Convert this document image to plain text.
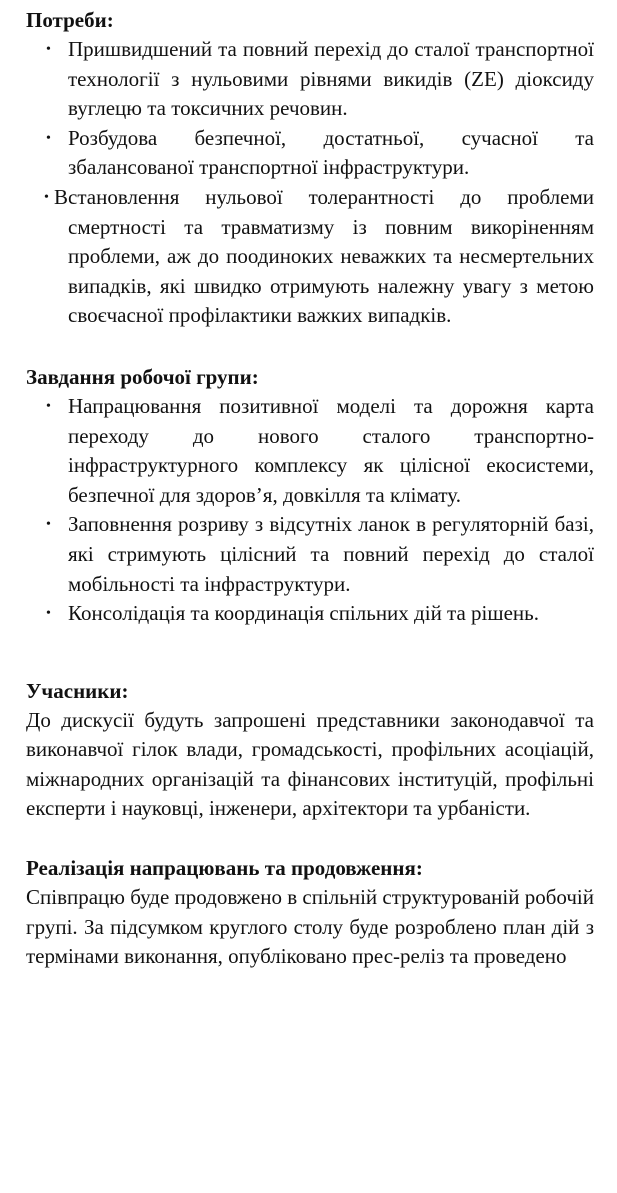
Потреби:

• Пришвидшений та повний перехід до сталої транспортної технології з нульовими рівнями викидів (ZE) діоксиду вуглецю та токсичних речовин.
• Розбудова безпечної, достатньої, сучасної та збалансованої транспортної інфраструктури.
• Встановлення нульової толерантності до проблеми смертності та травматизму із повним викоріненням проблеми, аж до поодиноких неважких та несмертельних випадків, які швидко отримують належну увагу з метою своєчасної профілактики важких випадків.

Завдання робочої групи:

• Напрацювання позитивної моделі та дорожня карта переходу до нового сталого транспортно-інфраструктурного комплексу як цілісної екосистеми, безпечної для здоров’я, довкілля та клімату.
• Заповнення розриву з відсутніх ланок в регуляторній базі, які стримують цілісний та повний перехід до сталої мобільності та інфраструктури.
• Консолідація та координація спільних дій та рішень.

Учасники:

До дискусії будуть запрошені представники законодавчої та виконавчої гілок влади, громадськості, профільних асоціацій, міжнародних організацій та фінансових інституцій, профільні експерти і науковці, інженери, архітектори та урбаністи.

Реалізація напрацювань та продовження:

Співпрацю буде продовжено в спільній структурованій робочій групі. За підсумком круглого столу буде розроблено план дій з термінами виконання, опубліковано прес-реліз та проведено
